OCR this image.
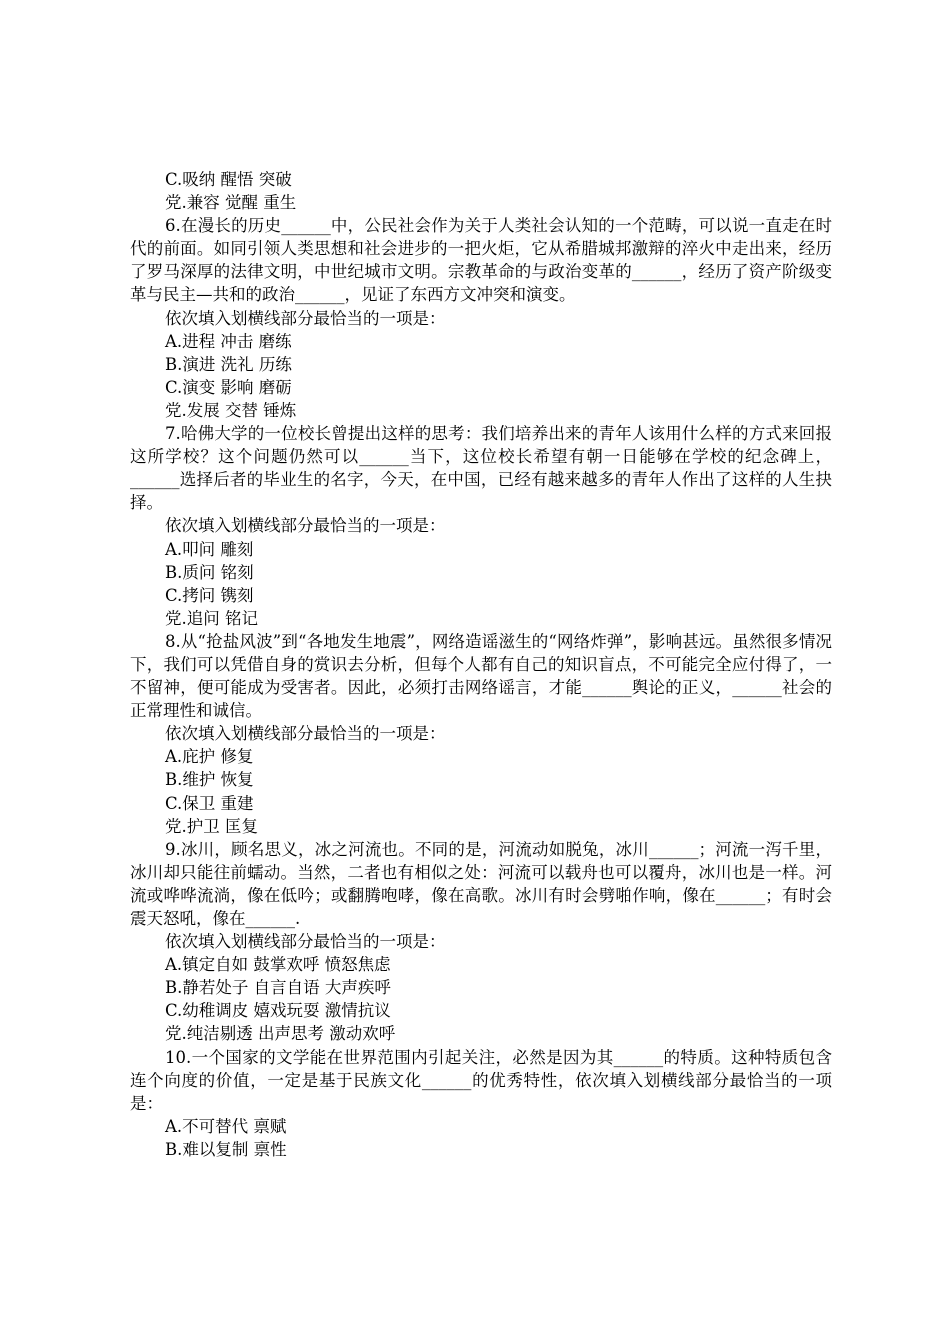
C.吸纳 醒悟 突破
党.兼容 觉醒 重生

6.在漫长的历史______中，公民社会作为关于人类社会认知的一个范畴，可以说一直走在时代的前面。如同引领人类思想和社会进步的一把火炬，它从希腊城邦激辩的淬火中走出来，经历了罗马深厚的法律文明，中世纪城市文明。宗教革命的与政治变革的______，经历了资产阶级变革与民主—共和的政治______，见证了东西方文冲突和演变。

依次填入划横线部分最恰当的一项是：
A.进程 冲击 磨练
B.演进 洗礼 历练
C.演变 影响 磨砺
党.发展 交替 锤炼

7.哈佛大学的一位校长曾提出这样的思考：我们培养出来的青年人该用什么样的方式来回报这所学校？这个问题仍然可以______当下，这位校长希望有朝一日能够在学校的纪念碑上，______选择后者的毕业生的名字，今天，在中国，已经有越来越多的青年人作出了这样的人生抉择。

依次填入划横线部分最恰当的一项是：
A.叩问 雕刻
B.质问 铭刻
C.拷问 镌刻
党.追问 铭记

8.从“抢盐风波”到“各地发生地震”，网络造谣滋生的“网络炸弹”，影响甚远。虽然很多情况下，我们可以凭借自身的赏识去分析，但每个人都有自己的知识盲点，不可能完全应付得了，一不留神，便可能成为受害者。因此，必须打击网络谣言，才能______舆论的正义，______社会的正常理性和诚信。

依次填入划横线部分最恰当的一项是：
A.庇护 修复
B.维护 恢复
C.保卫 重建
党.护卫 匡复

9.冰川，顾名思义，冰之河流也。不同的是，河流动如脱兔，冰川______；河流一泻千里，冰川却只能往前蠕动。当然，二者也有相似之处：河流可以载舟也可以覆舟，冰川也是一样。河流或哗哗流淌，像在低吟；或翻腾咆哮，像在高歌。冰川有时会劈啪作响，像在______；有时会震天怒吼，像在______.

依次填入划横线部分最恰当的一项是：
A.镇定自如 鼓掌欢呼 愤怒焦虑
B.静若处子 自言自语 大声疾呼
C.幼稚调皮 嬉戏玩耍 激情抗议
党.纯洁剔透 出声思考 激动欢呼

10.一个国家的文学能在世界范围内引起关注，必然是因为其______的特质。这种特质包含连个向度的价值，一定是基于民族文化______的优秀特性，依次填入划横线部分最恰当的一项是：

A.不可替代 禀赋
B.难以复制 禀性
